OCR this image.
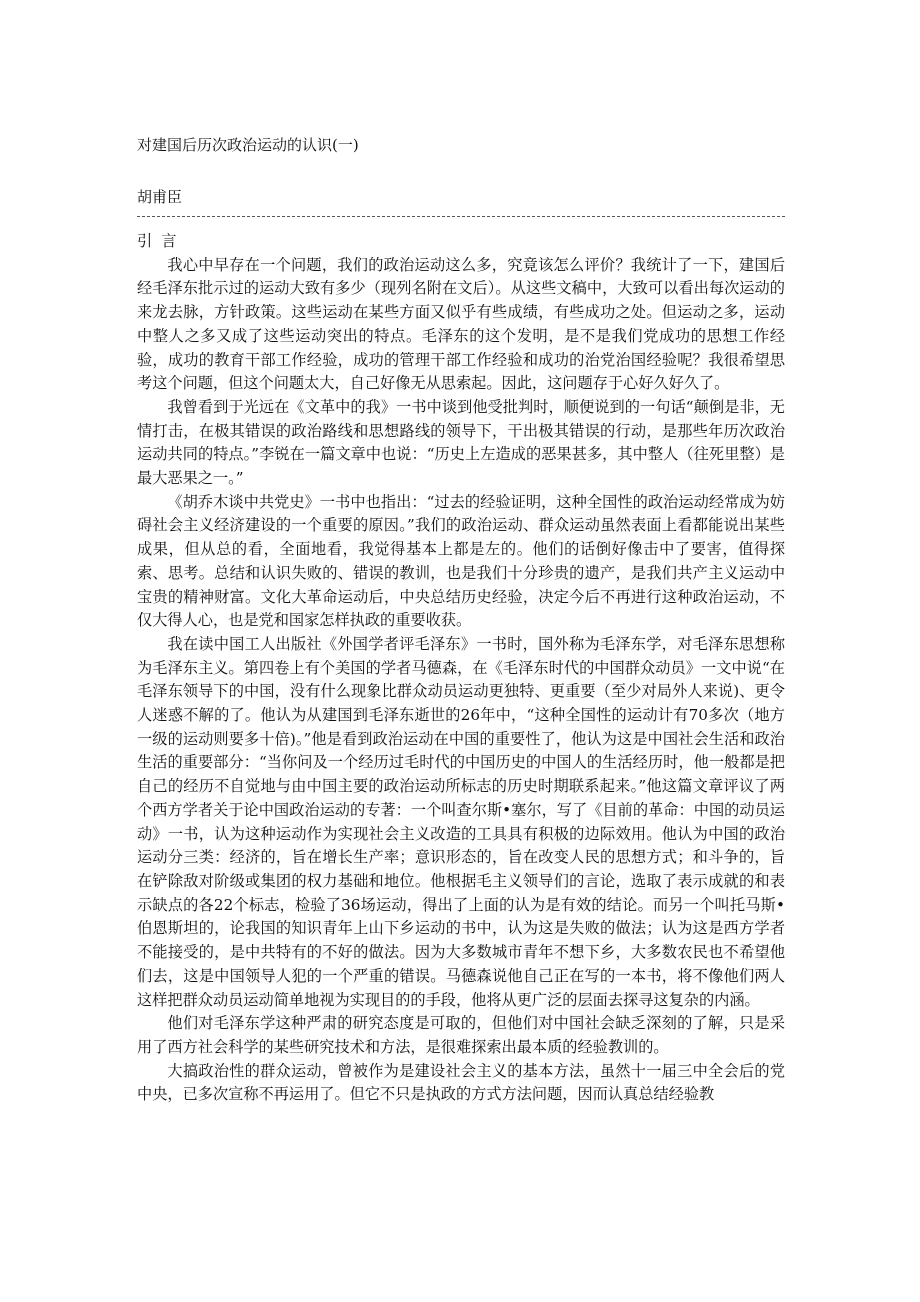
对建国后历次政治运动的认识(一)
胡甫臣

引言

我心中早存在一个问题，我们的政治运动这么多，究竟该怎么评价？我统计了一下，建国后经毛泽东批示过的运动大致有多少（现列名附在文后）。从这些文稿中，大致可以看出每次运动的来龙去脉，方针政策。这些运动在某些方面又似乎有些成绩，有些成功之处。但运动之多，运动中整人之多又成了这些运动突出的特点。毛泽东的这个发明，是不是我们党成功的思想工作经验，成功的教育干部工作经验，成功的管理干部工作经验和成功的治党治国经验呢？我很希望思考这个问题，但这个问题太大，自己好像无从思索起。因此，这问题存于心好久好久了。

我曾看到于光远在《文革中的我》一书中谈到他受批判时，顺便说到的一句话“颠倒是非，无情打击，在极其错误的政治路线和思想路线的领导下，干出极其错误的行动，是那些年历次政治运动共同的特点。”李锐在一篇文章中也说：“历史上左造成的恶果甚多，其中整人（往死里整）是最大恶果之一。”

《胡乔木谈中共党史》一书中也指出：“过去的经验证明，这种全国性的政治运动经常成为妨碍社会主义经济建设的一个重要的原因。”我们的政治运动、群众运动虽然表面上看都能说出某些成果，但从总的看，全面地看，我觉得基本上都是左的。他们的话倒好像击中了要害，值得探索、思考。总结和认识失败的、错误的教训，也是我们十分珍贵的遗产，是我们共产主义运动中宝贵的精神财富。文化大革命运动后，中央总结历史经验，决定今后不再进行这种政治运动，不仅大得人心，也是党和国家怎样执政的重要收获。

我在读中国工人出版社《外国学者评毛泽东》一书时，国外称为毛泽东学，对毛泽东思想称为毛泽东主义。第四卷上有个美国的学者马德森，在《毛泽东时代的中国群众动员》一文中说“在毛泽东领导下的中国，没有什么现象比群众动员运动更独特、更重要（至少对局外人来说)、更令人迷惑不解的了。他认为从建国到毛泽东逝世的26年中，“这种全国性的运动计有70多次（地方一级的运动则要多十倍)。”他是看到政治运动在中国的重要性了，他认为这是中国社会生活和政治生活的重要部分：“当你问及一个经历过毛时代的中国历史的中国人的生活经历时，他一般都是把自己的经历不自觉地与由中国主要的政治运动所标志的历史时期联系起来。”他这篇文章评议了两个西方学者关于论中国政治运动的专著：一个叫查尔斯•塞尔，写了《目前的革命：中国的动员运动》一书，认为这种运动作为实现社会主义改造的工具具有积极的边际效用。他认为中国的政治运动分三类：经济的，旨在增长生产率；意识形态的，旨在改变人民的思想方式；和斗争的，旨在铲除敌对阶级或集团的权力基础和地位。他根据毛主义领导们的言论，选取了表示成就的和表示缺点的各22个标志，检验了36场运动，得出了上面的认为是有效的结论。而另一个叫托马斯•伯恩斯坦的，论我国的知识青年上山下乡运动的书中，认为这是失败的做法；认为这是西方学者不能接受的，是中共特有的不好的做法。因为大多数城市青年不想下乡，大多数农民也不希望他们去，这是中国领导人犯的一个严重的错误。马德森说他自己正在写的一本书，将不像他们两人这样把群众动员运动简单地视为实现目的的手段，他将从更广泛的层面去探寻这复杂的内涵。

他们对毛泽东学这种严肃的研究态度是可取的，但他们对中国社会缺乏深刻的了解，只是采用了西方社会科学的某些研究技术和方法，是很难探索出最本质的经验教训的。

大搞政治性的群众运动，曾被作为是建设社会主义的基本方法，虽然十一届三中全会后的党中央，已多次宣称不再运用了。但它不只是执政的方式方法问题，因而认真总结经验教
